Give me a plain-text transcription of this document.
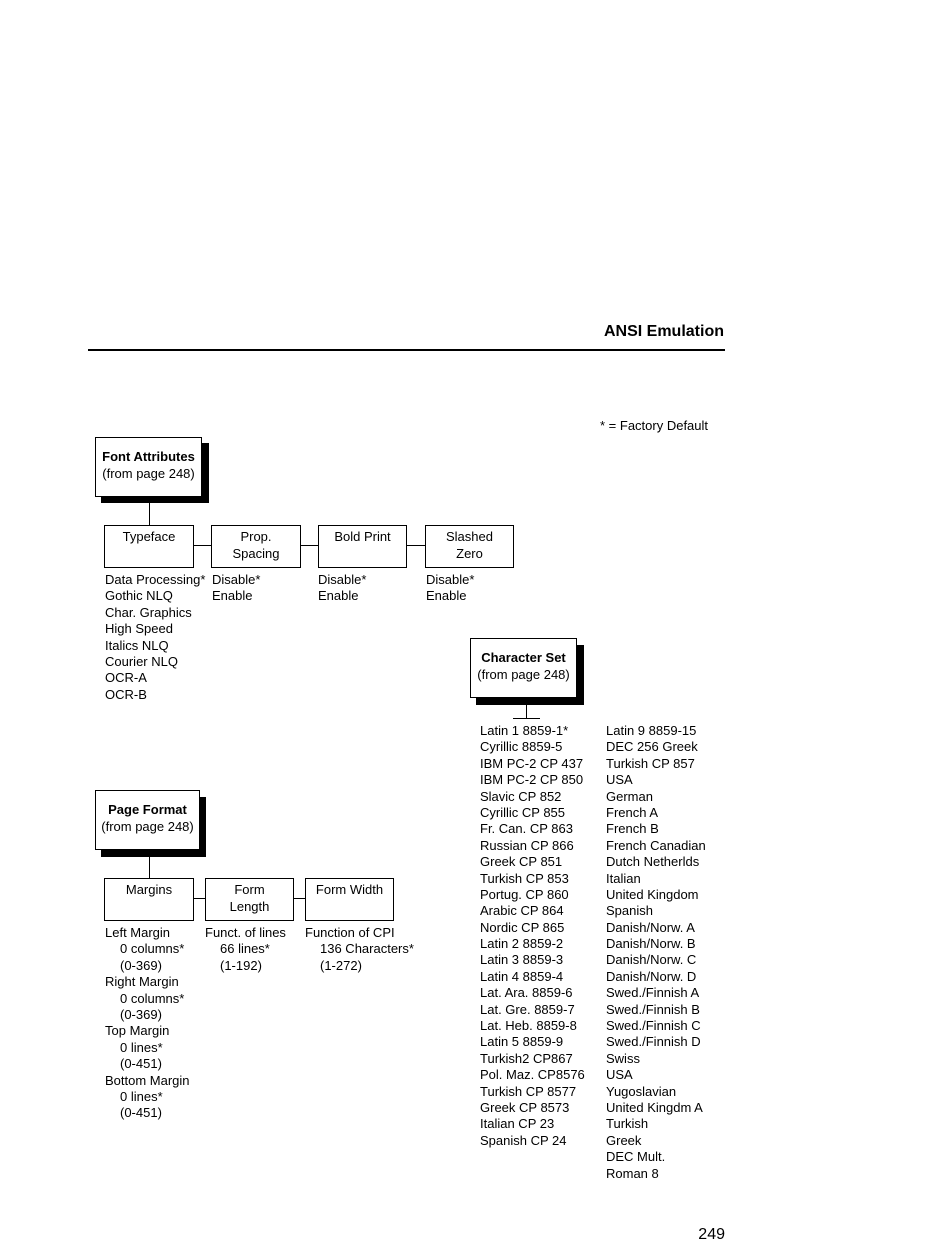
ANSI Emulation
* = Factory Default
Font Attributes
(from page 248)
Typeface	Prop.
Spacing
Bold Print	Slashed
Zero
Data Processing*
Gothic NLQ
Char. Graphics
High Speed
Italics NLQ
Courier NLQ
OCR-A
OCR-B
Disable*
Enable
Disable*
Enable
Disable*
Enable
Character Set
(from page 248)
Latin 1 8859-1*
Cyrillic 8859-5
IBM PC-2 CP 437
IBM PC-2 CP 850
Slavic CP 852
Cyrillic CP 855
Fr. Can. CP 863
Russian CP 866
Greek CP 851
Turkish CP 853
Portug. CP 860
Arabic CP 864
Nordic CP 865
Latin 2 8859-2
Latin 3 8859-3
Latin 4 8859-4
Lat. Ara. 8859-6
Lat. Gre. 8859-7
Lat. Heb. 8859-8
Latin 5 8859-9
Turkish2 CP867
Pol. Maz. CP8576
Turkish CP 8577
Greek CP 8573
Italian CP 23
Spanish CP 24
Latin 9 8859-15
DEC 256 Greek
Turkish CP 857
USA
German
French A
French B
French Canadian
Dutch Netherlds
Italian
United Kingdom
Spanish
Danish/Norw. A
Danish/Norw. B
Danish/Norw. C
Danish/Norw. D
Swed./Finnish A
Swed./Finnish B
Swed./Finnish C
Swed./Finnish D
Swiss
USA
Yugoslavian
United Kingdm A
Turkish
Greek
DEC Mult.
Roman 8
Page Format
(from page 248)
Margins	Form
Length
Form Width
Left Margin
0 columns*
(0-369)
Right Margin
0 columns*
(0-369)
Top Margin
0 lines*
(0-451)
Bottom Margin
0 lines*
(0-451)
Funct. of lines
66 lines*
(1-192)
Function of CPI
136 Characters*
(1-272)
249
